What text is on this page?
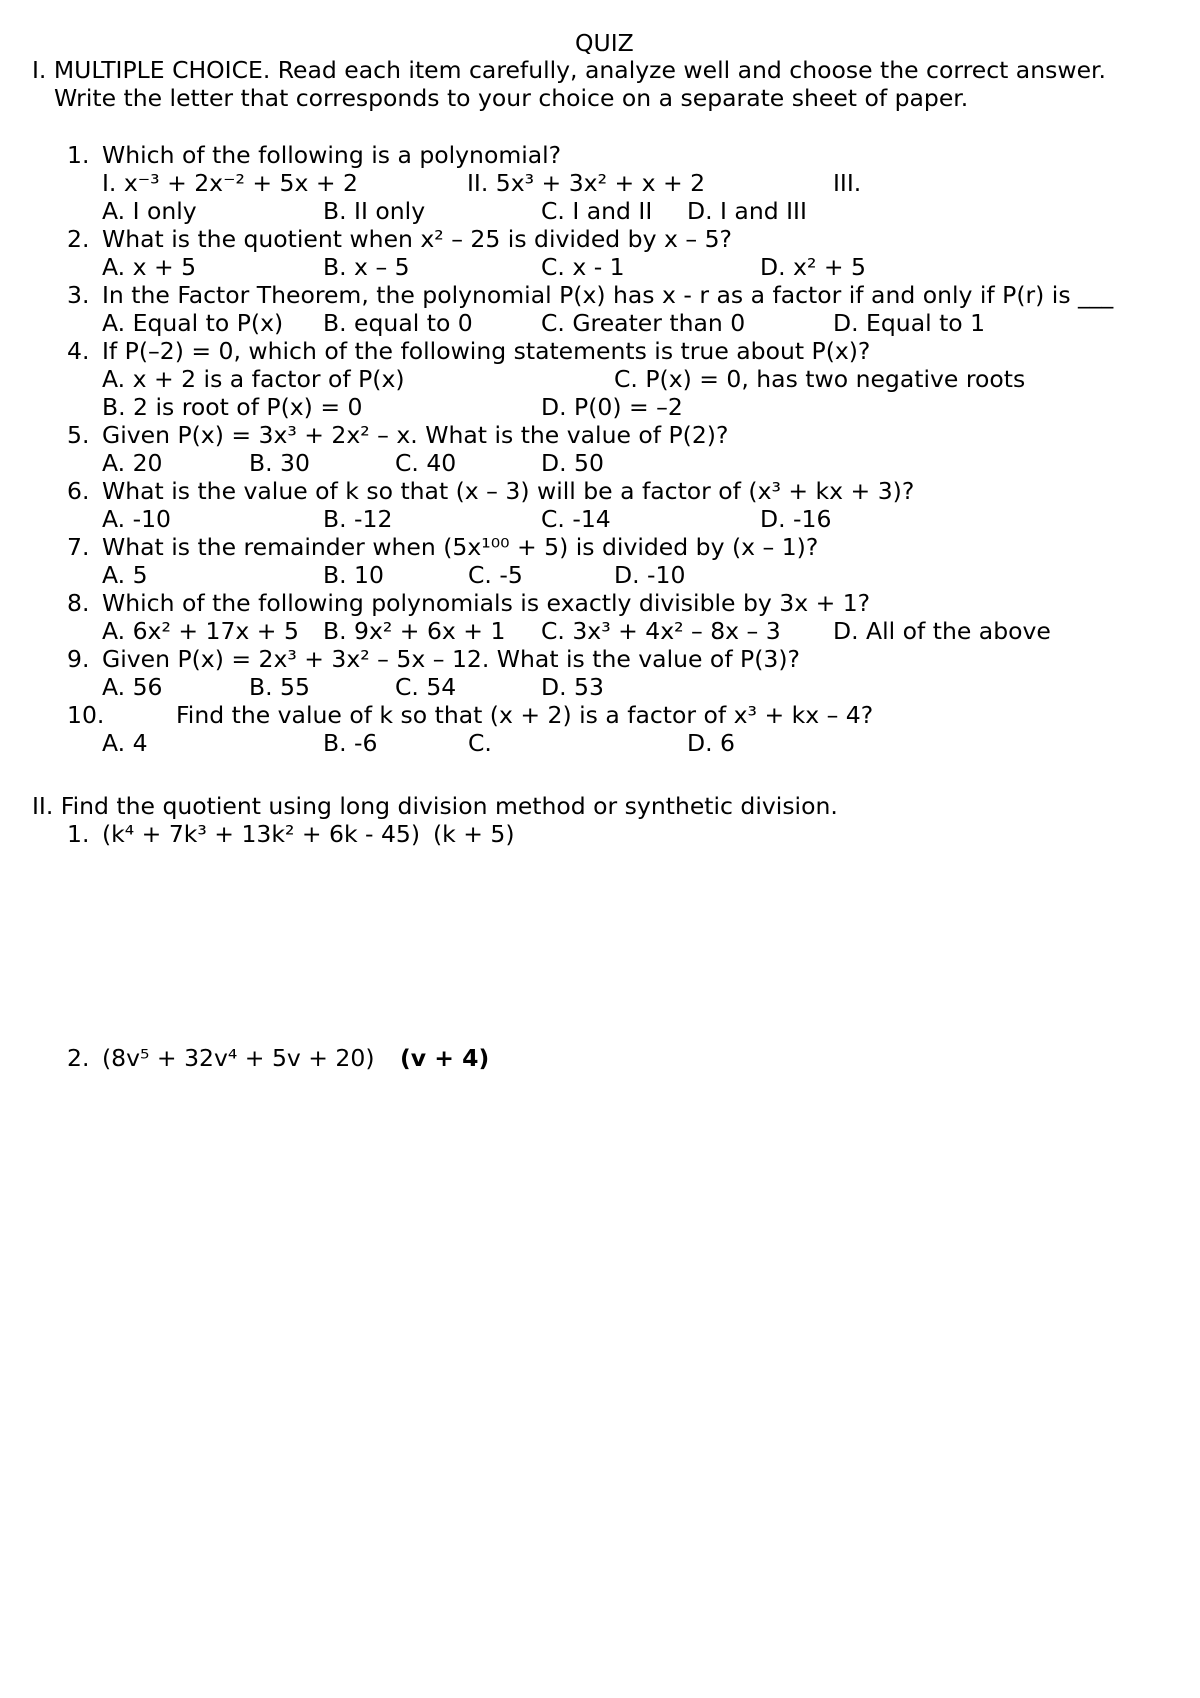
QUIZ
I. MULTIPLE CHOICE. Read each item carefully, analyze well and choose the correct answer.
Write the letter that corresponds to your choice on a separate sheet of paper.
1. Which of the following is a polynomial?
I. x⁻³ + 2x⁻² + 5x + 2	II. 5x³ + 3x² + x + 2	III.
A. I only	B. II only	C. I and II D. I and III
2. What is the quotient when x² – 25 is divided by x – 5?
A. x + 5	B. x – 5	C. x - 1	D. x² + 5
3. In the Factor Theorem, the polynomial P(x) has x - r as a factor if and only if P(r) is ___
A. Equal to P(x) B. equal to 0	C. Greater than 0	D. Equal to 1
4. If P(–2) = 0, which of the following statements is true about P(x)?
A. x + 2 is a factor of P(x)	C. P(x) = 0, has two negative roots
B. 2 is root of P(x) = 0	D. P(0) = –2
5. Given P(x) = 3x³ + 2x² – x. What is the value of P(2)?
A. 20	B. 30	C. 40	D. 50
6. What is the value of k so that (x – 3) will be a factor of (x³ + kx + 3)?
A. -10	B. -12	C. -14	D. -16
7. What is the remainder when (5x¹⁰⁰ + 5) is divided by (x – 1)?
A. 5	B. 10	C. -5	D. -10
8. Which of the following polynomials is exactly divisible by 3x + 1?
A. 6x² + 17x + 5 B. 9x² + 6x + 1 C. 3x³ + 4x² – 8x – 3 D. All of the above
9. Given P(x) = 2x³ + 3x² – 5x – 12. What is the value of P(3)?
A. 56	B. 55	C. 54	D. 53
10.	Find the value of k so that (x + 2) is a factor of x³ + kx – 4?
A. 4	B. -6	C.	D. 6
II. Find the quotient using long division method or synthetic division.
1. (k⁴ + 7k³ + 13k² + 6k - 45) (k + 5)
2. (8v⁵ + 32v⁴ + 5v + 20) (v + 4)
